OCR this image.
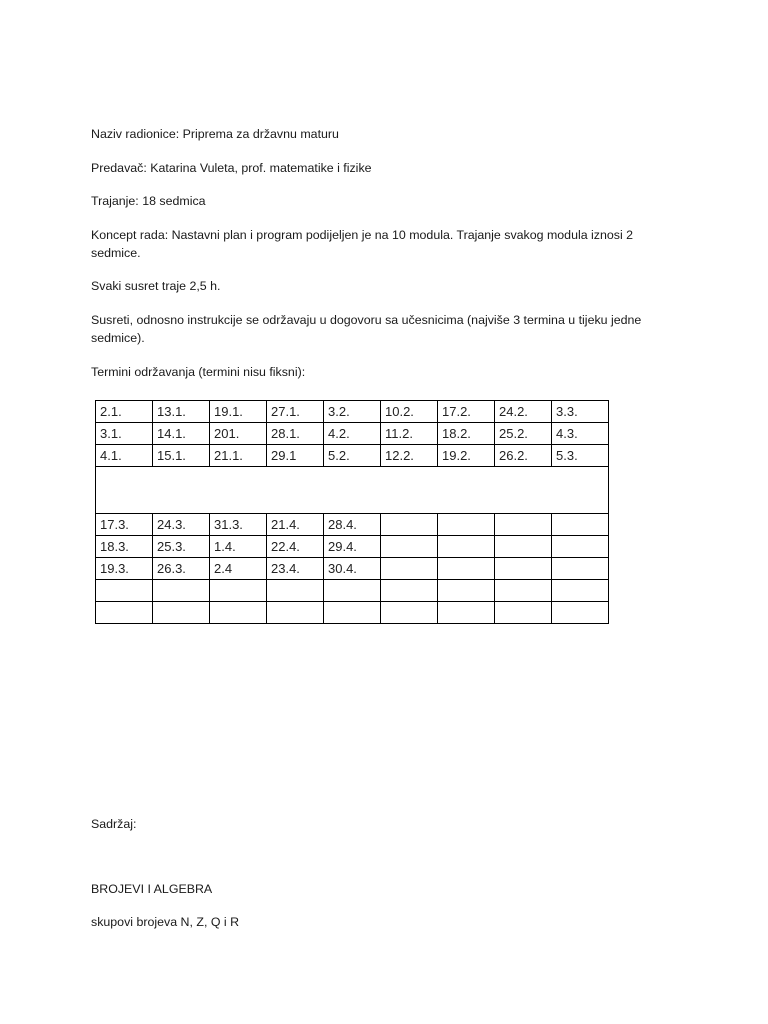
Naziv radionice: Priprema za državnu maturu

Predavač: Katarina Vuleta, prof. matematike i fizike

Trajanje: 18 sedmica

Koncept rada: Nastavni plan i program podijeljen je na 10 modula. Trajanje svakog modula iznosi 2 sedmice.

Svaki susret traje 2,5 h.

Susreti, odnosno instrukcije se održavaju u dogovoru sa učesnicima (najviše 3 termina u tijeku jedne sedmice).

Termini održavanja (termini nisu fiksni):

2.1.	13.1.	19.1.	27.1.	3.2.	10.2.	17.2.	24.2.	3.3.
3.1.	14.1.	201.	28.1.	4.2.	11.2.	18.2.	25.2.	4.3.
4.1.	15.1.	21.1.	29.1	5.2.	12.2.	19.2.	26.2.	5.3.

17.3.	24.3.	31.3.	21.4.	28.4.				
18.3.	25.3.	1.4.	22.4.	29.4.				
19.3.	26.3.	2.4	23.4.	30.4.				

Sadržaj:

BROJEVI I ALGEBRA

skupovi brojeva N, Z, Q i R
